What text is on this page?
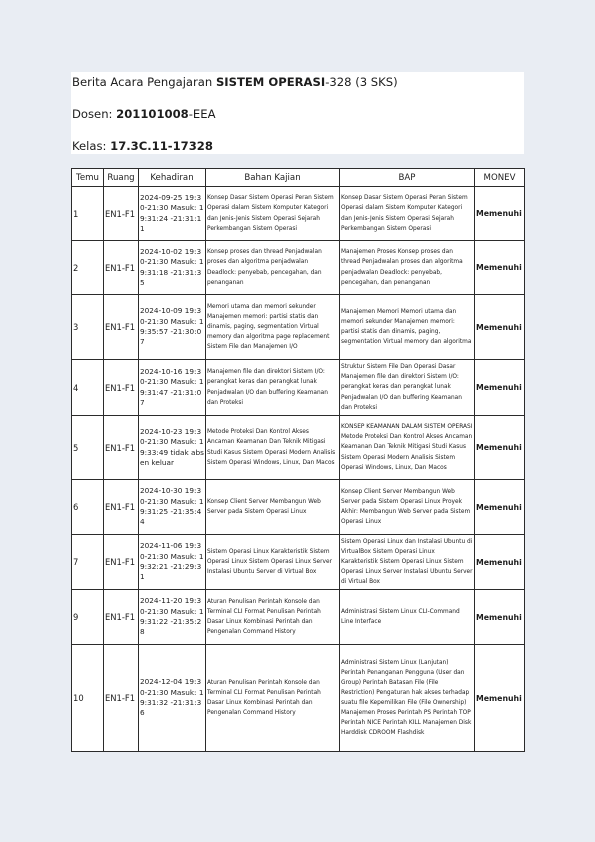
Berita Acara Pengajaran SISTEM OPERASI-328 (3 SKS)
Dosen: 201101008-EEA
Kelas: 17.3C.11-17328
Temu	Ruang	Kehadiran	Bahan Kajian	BAP	MONEV
1	EN1-F1	2024-09-25 19:30-21:30 Masuk: 19:31:24 -21:31:11	Konsep Dasar Sistem Operasi Peran Sistem Operasi dalam Sistem Komputer Kategori dan Jenis-Jenis Sistem Operasi Sejarah Perkembangan Sistem Operasi	Konsep Dasar Sistem Operasi Peran Sistem Operasi dalam Sistem Komputer Kategori dan Jenis-Jenis Sistem Operasi Sejarah Perkembangan Sistem Operasi	Memenuhi
2	EN1-F1	2024-10-02 19:30-21:30 Masuk: 19:31:18 -21:31:35	Konsep proses dan thread Penjadwalan proses dan algoritma penjadwalan Deadlock: penyebab, pencegahan, dan penanganan	Manajemen Proses Konsep proses dan thread Penjadwalan proses dan algoritma penjadwalan Deadlock: penyebab, pencegahan, dan penanganan	Memenuhi
3	EN1-F1	2024-10-09 19:30-21:30 Masuk: 19:35:57 -21:30:07	Memori utama dan memori sekunder Manajemen memori: partisi statis dan dinamis, paging, segmentation Virtual memory dan algoritma page replacement Sistem File dan Manajemen I/O	Manajemen Memori Memori utama dan memori sekunder Manajemen memori: partisi statis dan dinamis, paging, segmentation Virtual memory dan algoritma	Memenuhi
4	EN1-F1	2024-10-16 19:30-21:30 Masuk: 19:31:47 -21:31:07	Manajemen file dan direktori Sistem I/O: perangkat keras dan perangkat lunak Penjadwalan I/O dan buffering Keamanan dan Proteksi	Struktur Sistem File Dan Operasi Dasar Manajemen file dan direktori Sistem I/O: perangkat keras dan perangkat lunak Penjadwalan I/O dan buffering Keamanan dan Proteksi	Memenuhi
5	EN1-F1	2024-10-23 19:30-21:30 Masuk: 19:33:49 tidak absen keluar	Metode Proteksi Dan Kontrol Akses Ancaman Keamanan Dan Teknik Mitigasi Studi Kasus Sistem Operasi Modern Analisis Sistem Operasi Windows, Linux, Dan Macos	KONSEP KEAMANAN DALAM SISTEM OPERASI Metode Proteksi Dan Kontrol Akses Ancaman Keamanan Dan Teknik Mitigasi Studi Kasus Sistem Operasi Modern Analisis Sistem Operasi Windows, Linux, Dan Macos	Memenuhi
6	EN1-F1	2024-10-30 19:30-21:30 Masuk: 19:31:25 -21:35:44	Konsep Client Server Membangun Web Server pada Sistem Operasi Linux	Konsep Client Server Membangun Web Server pada Sistem Operasi Linux Proyek Akhir: Membangun Web Server pada Sistem Operasi Linux	Memenuhi
7	EN1-F1	2024-11-06 19:30-21:30 Masuk: 19:32:21 -21:29:31	Sistem Operasi Linux Karakteristik Sistem Operasi Linux Sistem Operasi Linux Server Instalasi Ubuntu Server di Virtual Box	Sistem Operasi Linux dan Instalasi Ubuntu di VirtualBox Sistem Operasi Linux Karakteristik Sistem Operasi Linux Sistem Operasi Linux Server Instalasi Ubuntu Server di Virtual Box	Memenuhi
9	EN1-F1	2024-11-20 19:30-21:30 Masuk: 19:31:22 -21:35:28	Aturan Penulisan Perintah Konsole dan Terminal CLI Format Penulisan Perintah Dasar Linux Kombinasi Perintah dan Pengenalan Command History	Administrasi Sistem Linux CLI-Command Line Interface	Memenuhi
10	EN1-F1	2024-12-04 19:30-21:30 Masuk: 19:31:32 -21:31:36	Aturan Penulisan Perintah Konsole dan Terminal CLI Format Penulisan Perintah Dasar Linux Kombinasi Perintah dan Pengenalan Command History	Administrasi Sistem Linux (Lanjutan) Perintah Penanganan Pengguna (User dan Group) Perintah Batasan File (File Restriction) Pengaturan hak akses terhadap suatu file Kepemilikan File (File Ownership) Manajemen Proses Perintah PS Perintah TOP Perintah NICE Perintah KILL Manajemen Disk Harddisk CDROOM Flashdisk	Memenuhi
